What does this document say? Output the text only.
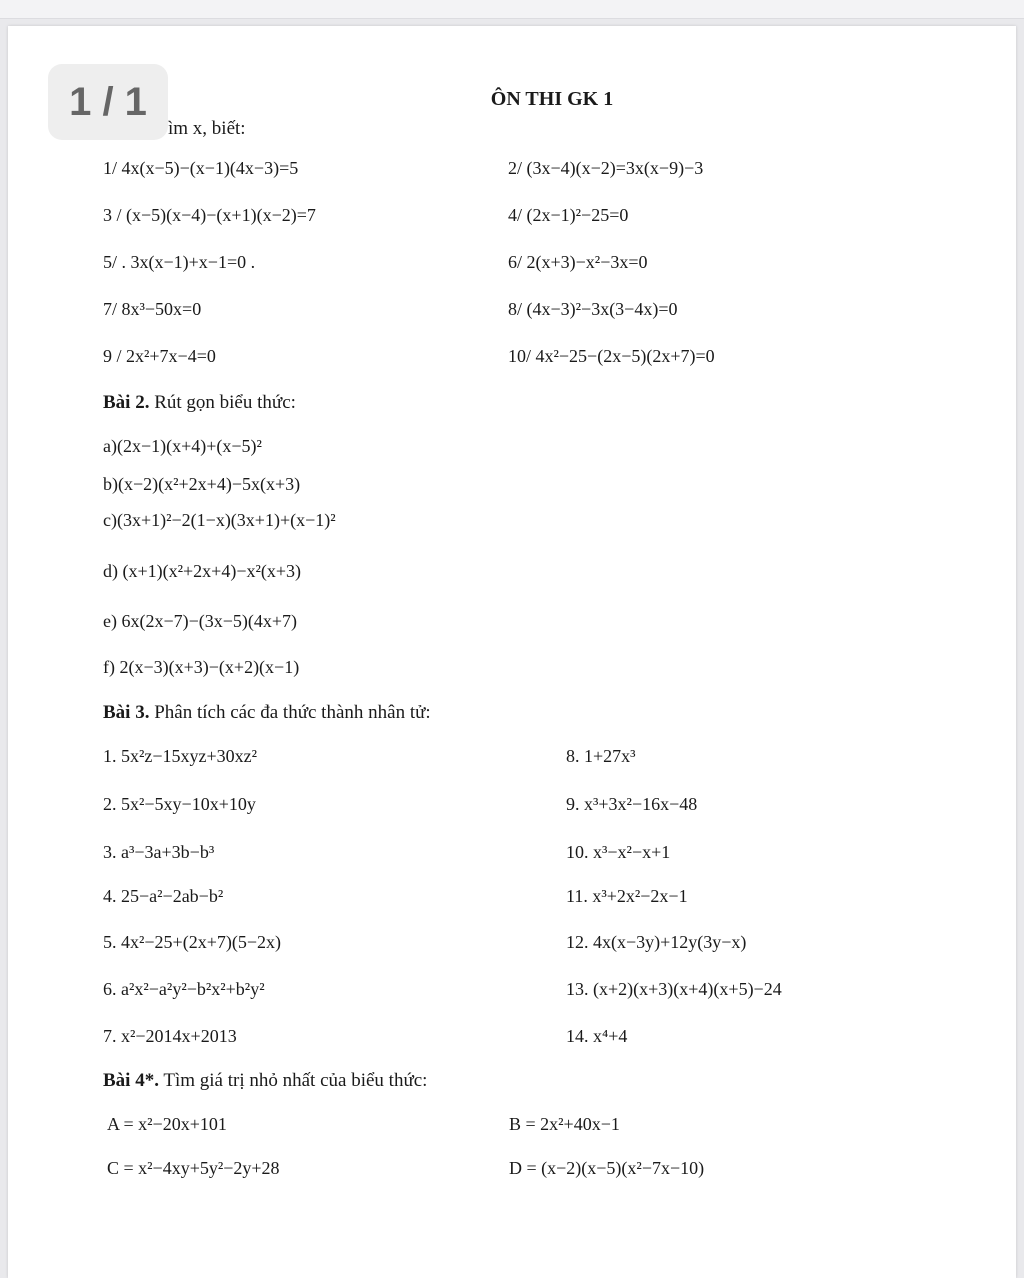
1 / 1	ÔN THI GK 1
ìm x, biết:
1/ 4x(x−5)−(x−1)(4x−3)=5	2/ (3x−4)(x−2)=3x(x−9)−3
3 / (x−5)(x−4)−(x+1)(x−2)=7	4/ (2x−1)²−25=0
5/ . 3x(x−1)+x−1=0 .	6/ 2(x+3)−x²−3x=0
7/ 8x³−50x=0	8/ (4x−3)²−3x(3−4x)=0
9 / 2x²+7x−4=0	10/ 4x²−25−(2x−5)(2x+7)=0
Bài 2. Rút gọn biểu thức:
a)(2x−1)(x+4)+(x−5)²
b)(x−2)(x²+2x+4)−5x(x+3)
c)(3x+1)²−2(1−x)(3x+1)+(x−1)²
d) (x+1)(x²+2x+4)−x²(x+3)
e) 6x(2x−7)−(3x−5)(4x+7)
f) 2(x−3)(x+3)−(x+2)(x−1)
Bài 3. Phân tích các đa thức thành nhân tử:
1. 5x²z−15xyz+30xz²	8. 1+27x³
2. 5x²−5xy−10x+10y	9. x³+3x²−16x−48
3. a³−3a+3b−b³	10. x³−x²−x+1
4. 25−a²−2ab−b²	11. x³+2x²−2x−1
5. 4x²−25+(2x+7)(5−2x)	12. 4x(x−3y)+12y(3y−x)
6. a²x²−a²y²−b²x²+b²y²	13. (x+2)(x+3)(x+4)(x+5)−24
7. x²−2014x+2013	14. x⁴+4
Bài 4*. Tìm giá trị nhỏ nhất của biểu thức:
A = x²−20x+101	B = 2x²+40x−1
C = x²−4xy+5y²−2y+28	D = (x−2)(x−5)(x²−7x−10)
